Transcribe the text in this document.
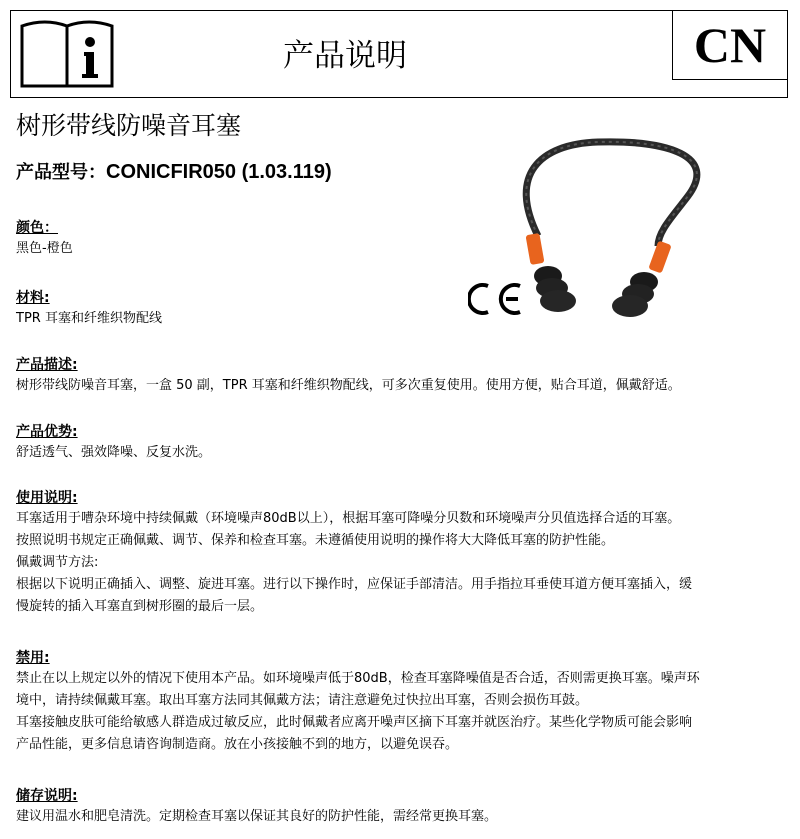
产品说明	CN
树形带线防噪音耳塞
产品型号：CONICFIR050 (1.03.119)

颜色：

黑色-橙色

材料:

TPR 耳塞和纤维织物配线

产品描述:

树形带线防噪音耳塞，一盒 50 副，TPR 耳塞和纤维织物配线，可多次重复使用。使用方便，贴合耳道，佩戴舒适。

产品优势:

舒适透气、强效降噪、反复水洗。

使用说明:

耳塞适用于嘈杂环境中持续佩戴（环境噪声80dB以上），根据耳塞可降噪分贝数和环境噪声分贝值选择合适的耳塞。

按照说明书规定正确佩戴、调节、保养和检查耳塞。未遵循使用说明的操作将大大降低耳塞的防护性能。

佩戴调节方法:

根据以下说明正确插入、调整、旋进耳塞。进行以下操作时，应保证手部清洁。用手指拉耳垂使耳道方便耳塞插入，缓

慢旋转的插入耳塞直到树形圈的最后一层。

禁用:

禁止在以上规定以外的情况下使用本产品。如环境噪声低于80dB，检查耳塞降噪值是否合适，否则需更换耳塞。噪声环

境中，请持续佩戴耳塞。取出耳塞方法同其佩戴方法；请注意避免过快拉出耳塞，否则会损伤耳鼓。

耳塞接触皮肤可能给敏感人群造成过敏反应，此时佩戴者应离开噪声区摘下耳塞并就医治疗。某些化学物质可能会影响

产品性能，更多信息请咨询制造商。放在小孩接触不到的地方，以避免误吞。

储存说明:

建议用温水和肥皂清洗。定期检查耳塞以保证其良好的防护性能，需经常更换耳塞。
